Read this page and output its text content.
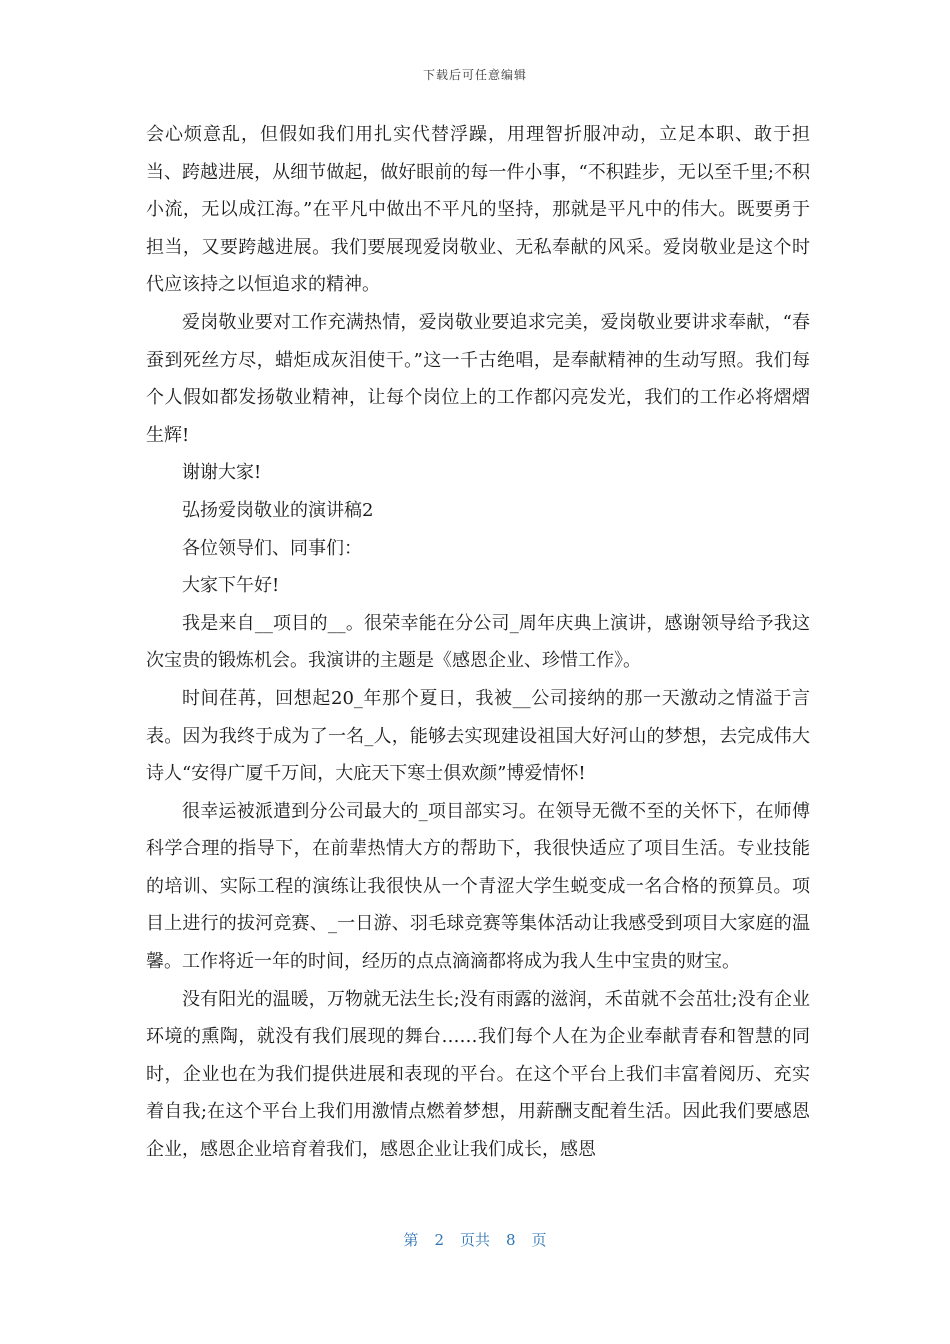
下载后可任意编辑

会心烦意乱，但假如我们用扎实代替浮躁，用理智折服冲动，立足本职、敢于担当、跨越进展，从细节做起，做好眼前的每一件小事，“不积跬步，无以至千里;不积小流，无以成江海。”在平凡中做出不平凡的坚持，那就是平凡中的伟大。既要勇于担当，又要跨越进展。我们要展现爱岗敬业、无私奉献的风采。爱岗敬业是这个时代应该持之以恒追求的精神。

爱岗敬业要对工作充满热情，爱岗敬业要追求完美，爱岗敬业要讲求奉献，“春蚕到死丝方尽，蜡炬成灰泪使干。”这一千古绝唱，是奉献精神的生动写照。我们每个人假如都发扬敬业精神，让每个岗位上的工作都闪亮发光，我们的工作必将熠熠生辉!

谢谢大家!

弘扬爱岗敬业的演讲稿2

各位领导们、同事们：

大家下午好!

我是来自__项目的__。很荣幸能在分公司_周年庆典上演讲，感谢领导给予我这次宝贵的锻炼机会。我演讲的主题是《感恩企业、珍惜工作》。

时间荏苒，回想起20_年那个夏日，我被__公司接纳的那一天激动之情溢于言表。因为我终于成为了一名_人，能够去实现建设祖国大好河山的梦想，去完成伟大诗人“安得广厦千万间，大庇天下寒士俱欢颜”博爱情怀!

很幸运被派遣到分公司最大的_项目部实习。在领导无微不至的关怀下，在师傅科学合理的指导下，在前辈热情大方的帮助下，我很快适应了项目生活。专业技能的培训、实际工程的演练让我很快从一个青涩大学生蜕变成一名合格的预算员。项目上进行的拔河竞赛、_一日游、羽毛球竞赛等集体活动让我感受到项目大家庭的温馨。工作将近一年的时间，经历的点点滴滴都将成为我人生中宝贵的财宝。

没有阳光的温暖，万物就无法生长;没有雨露的滋润，禾苗就不会茁壮;没有企业环境的熏陶，就没有我们展现的舞台……我们每个人在为企业奉献青春和智慧的同时，企业也在为我们提供进展和表现的平台。在这个平台上我们丰富着阅历、充实着自我;在这个平台上我们用激情点燃着梦想，用薪酬支配着生活。因此我们要感恩企业，感恩企业培育着我们，感恩企业让我们成长，感恩

第 2 页共 8 页
